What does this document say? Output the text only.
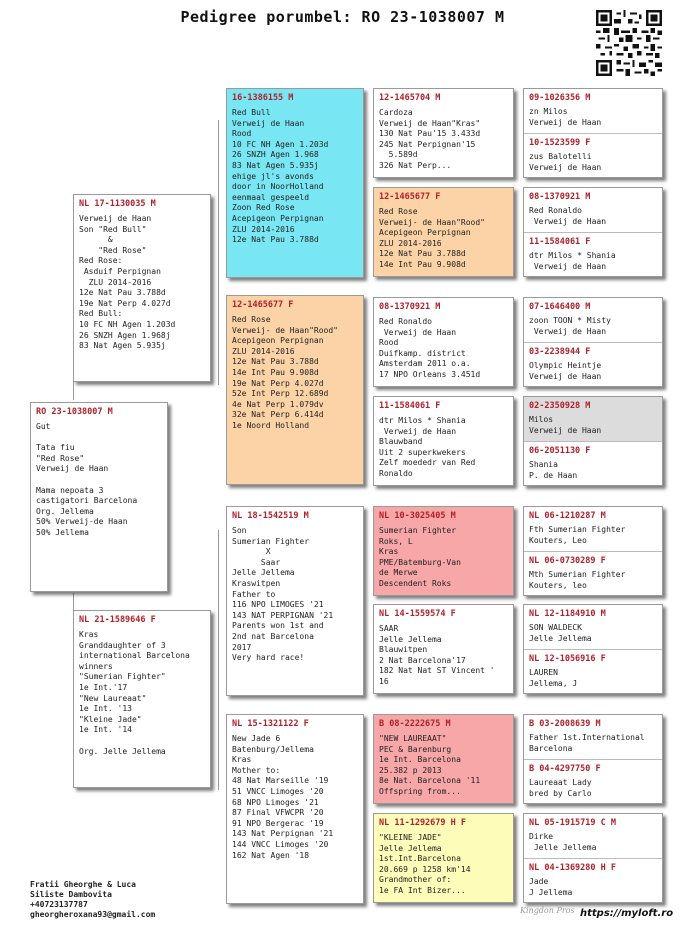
Pedigree porumbel: RO 23-1038007 M
RO 23-1038007 M
Gut

Tata fiu
"Red Rose"
Verweij de Haan

Mama nepoata 3
castigatori Barcelona
Org. Jellema
50% Verweij-de Haan
50% Jellema
NL 17-1130035 M
Verweij de Haan
Son "Red Bull"
&
"Red Rose"
Red Rose:
Asduif Perpignan
ZLU 2014-2016
12e Nat Pau 3.788d
19e Nat Perp 4.027d
Red Bull:
10 FC NH Agen 1.203d
26 SNZH Agen 1.968j
83 Nat Agen 5.935j
NL 21-1589646 F
Kras
Granddaughter of 3
international Barcelona
winners
"Sumerian Fighter"
1e Int.'17
"New Laureaat"
1e Int. '13
"Kleine Jade"
1e Int. '14

Org. Jelle Jellema
16-1386155 M
Red Bull
Verweij de Haan
Rood
10 FC NH Agen 1.203d
26 SNZH Agen 1.968
83 Nat Agen 5.935j
ehige jl's avonds
door in NoorHolland
eenmaal gespeeld
Zoon Red Rose
Acepigeon Perpignan
ZLU 2014-2016
12e Nat Pau 3.788d
12-1465677 F
Red Rose
Verweij- de Haan"Rood"
Acepigeon Perpignan
ZLU 2014-2016
12e Nat Pau 3.788d
14e Int Pau 9.908d
19e Nat Perp 4.027d
52e Int Perp 12.689d
4e Nat Perp 1.079dv
32e Nat Perp 6.414d
1e Noord Holland
NL 18-1542519 M
Son
Sumerian Fighter
X
Saar
Jelle Jellema
Kraswitpen
Father to
116 NPO LIMOGES '21
143 NAT PERPIGNAN '21
Parents won 1st and
2nd nat Barcelona
2017
Very hard race!
NL 15-1321122 F
New Jade 6
Batenburg/Jellema
Kras
Mother to:
48 Nat Marseille '19
51 VNCC Limoges '20
68 NPO Limoges '21
87 Final VFWCPR '20
91 NPO Bergerac '19
143 Nat Perpignan '21
144 VNCC Limoges '20
162 Nat Agen '18
12-1465704 M
Cardoza
Verweij de Haan"Kras"
130 Nat Pau'15 3.433d
245 Nat Perpignan'15
5.589d
326 Nat Perp...
12-1465677 F
Red Rose
Verweij- de Haan"Rood"
Acepigeon Perpignan
ZLU 2014-2016
12e Nat Pau 3.788d
14e Int Pau 9.908d
08-1370921 M
Red Ronaldo
Verweij de Haan
Rood
Duifkamp. district
Amsterdam 2011 o.a.
17 NPO Orleans 3.451d
11-1584061 F
dtr Milos * Shania
Verweij de Haan
Blauwband
Uit 2 superkwekers
Zelf moededr van Red
Ronaldo
NL 10-3025405 M
Sumerian Fighter
Roks, L
Kras
PME/Batemburg-Van
de Merwe
Descendent Roks
NL 14-1559574 F
SAAR
Jelle Jellema
Blauwitpen
2 Nat Barcelona'17
182 Nat Nat ST Vincent '
16
B 08-2222675 M
"NEW LAUREAAT"
PEC & Barenburg
1e Int. Barcelona
25.382 p 2013
8e Nat. Barcelona '11
Offspring from...
NL 11-1292679 H F
"KLEINE JADE"
Jelle Jellema
1st.Int.Barcelona
20.669 p 1258 km'14
Grandmother of:
1e FA Int Bizer...
09-1026356 M
zn Milos
Verweij de Haan
10-1523599 F
zus Balotelli
Verweij de Haan
08-1370921 M
Red Ronaldo
Verweij de Haan
11-1584061 F
dtr Milos * Shania
Verweij de Haan
07-1646400 M
zoon TOON * Misty
Verweij de Haan
03-2238944 F
Olympic Heintje
Verweij de Haan
02-2350928 M
Milos
Verweij de Haan
06-2051130 F
Shania
P. de Haan
NL 06-1210287 M
Fth Sumerian Fighter
Kouters, Leo
NL 06-0730289 F
Mth Sumerian Fighter
Kouters, leo
NL 12-1184910 M
SON WALDECK
Jelle Jellema
NL 12-1056916 F
LAUREN
Jellema, J
B 03-2008639 M
Father 1st.International
Barcelona
B 04-4297750 F
Laureaat Lady
bred by Carlo
NL 05-1915719 C M
Dirke
Jelle Jellema
NL 04-1369280 H F
Jade
J Jellema
Fratii Gheorghe & Luca
Siliste Dambovita
+40723137787
gheorgheroxana93@gmail.com	Kingdon Pros https://myloft.ro
